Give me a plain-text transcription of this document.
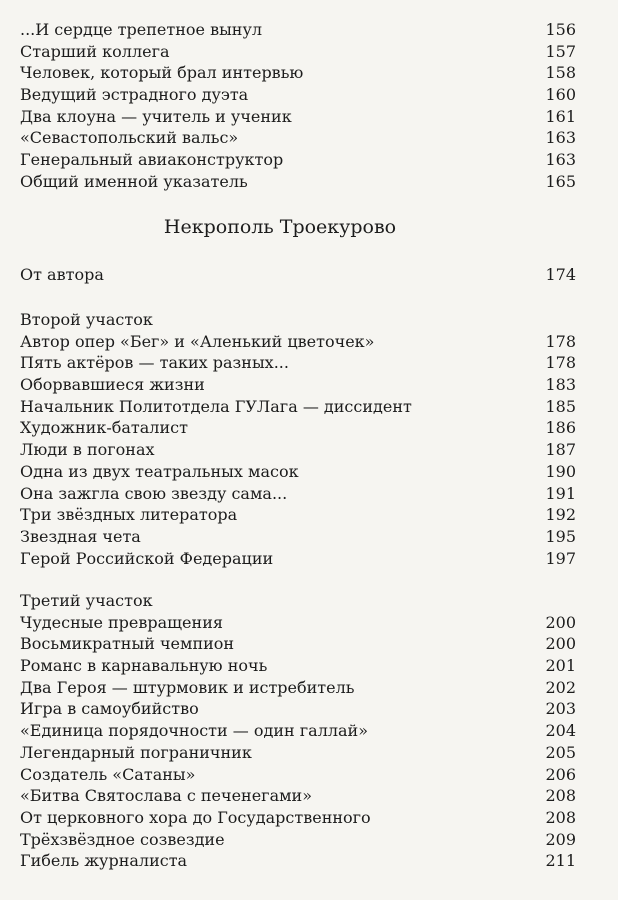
...И сердце трепетное вынул	156
Старший коллега	157
Человек, который брал интервью	158
Ведущий эстрадного дуэта	160
Два клоуна — учитель и ученик	161
«Севастопольский вальс»	163
Генеральный авиаконструктор	163
Общий именной указатель	165
Некрополь Троекурово
От автора	174
Второй участок
Автор опер «Бег» и «Аленький цветочек»	178
Пять актёров — таких разных...	178
Оборвавшиеся жизни	183
Начальник Политотдела ГУЛага — диссидент	185
Художник-баталист	186
Люди в погонах	187
Одна из двух театральных масок	190
Она зажгла свою звезду сама...	191
Три звёздных литератора	192
Звездная чета	195
Герой Российской Федерации	197
Третий участок
Чудесные превращения	200
Восьмикратный чемпион	200
Романс в карнавальную ночь	201
Два Героя — штурмовик и истребитель	202
Игра в самоубийство	203
«Единица порядочности — один галлай»	204
Легендарный пограничник	205
Создатель «Сатаны»	206
«Битва Святослава с печенегами»	208
От церковного хора до Государственного	208
Трёхзвёздное созвездие	209
Гибель журналиста	211
